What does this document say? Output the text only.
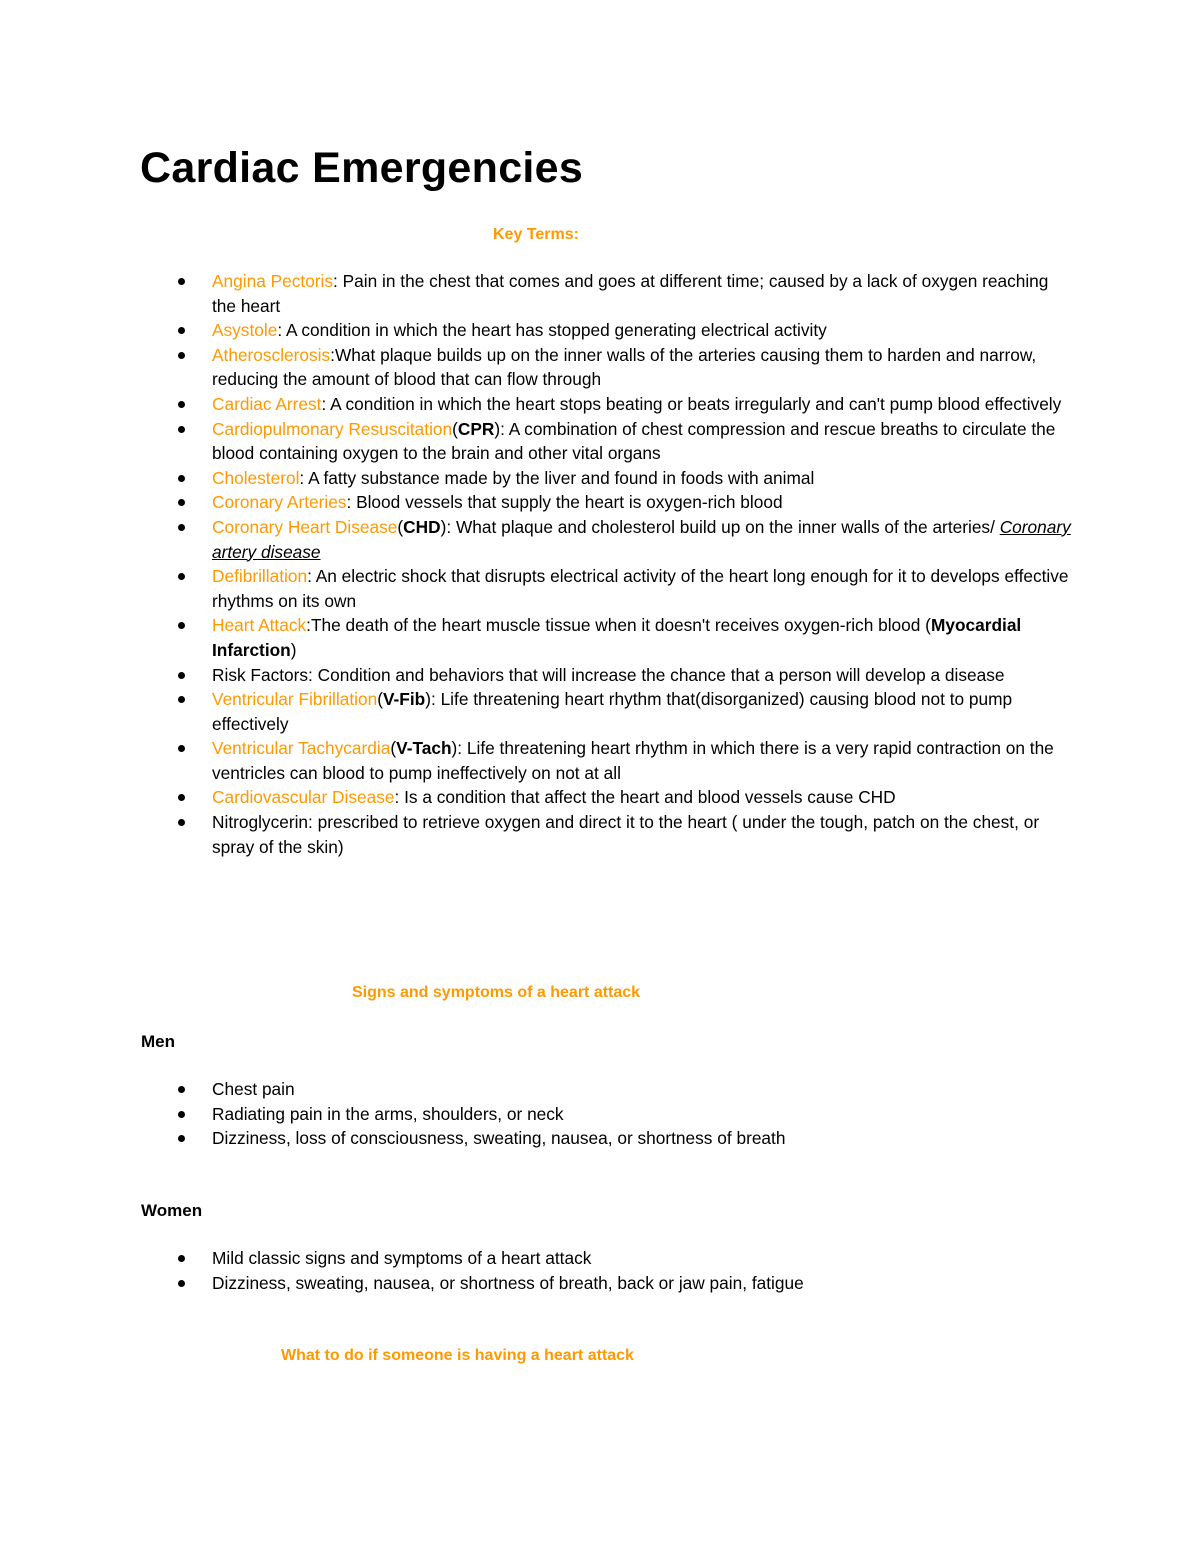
Cardiac Emergencies
Key Terms:
Angina Pectoris: Pain in the chest that comes and goes at different time; caused by a lack of oxygen reaching the heart
Asystole: A condition in which the heart has stopped generating electrical activity
Atherosclerosis:What plaque builds up on the inner walls of the arteries causing them to harden and narrow, reducing the amount of blood that can flow through
Cardiac Arrest: A condition in which the heart stops beating or beats irregularly and can't pump blood effectively
Cardiopulmonary Resuscitation(CPR): A combination of chest compression and rescue breaths to circulate the blood containing oxygen to the brain and other vital organs
Cholesterol: A fatty substance made by the liver and found in foods with animal
Coronary Arteries: Blood vessels that supply the heart is oxygen-rich blood
Coronary Heart Disease(CHD): What plaque and cholesterol build up on the inner walls of the arteries/ Coronary artery disease
Defibrillation: An electric shock that disrupts electrical activity of the heart long enough for it to develops effective rhythms on its own
Heart Attack:The death of the heart muscle tissue when it doesn't receives oxygen-rich blood (Myocardial Infarction)
Risk Factors: Condition and behaviors that will increase the chance that a person will develop a disease
Ventricular Fibrillation(V-Fib): Life threatening heart rhythm that(disorganized) causing blood not to pump effectively
Ventricular Tachycardia(V-Tach): Life threatening heart rhythm in which there is a very rapid contraction on the ventricles can blood to pump ineffectively on not at all
Cardiovascular Disease: Is a condition that affect the heart and blood vessels cause CHD
Nitroglycerin: prescribed to retrieve oxygen and direct it to the heart ( under the tough, patch on the chest, or spray of the skin)
Signs and symptoms of a heart attack
Men
Chest pain
Radiating pain in the arms, shoulders, or neck
Dizziness, loss of consciousness, sweating, nausea, or shortness of breath
Women
Mild classic signs and symptoms of a heart attack
Dizziness, sweating, nausea, or shortness of breath, back or jaw pain, fatigue
What to do if someone is having a heart attack
